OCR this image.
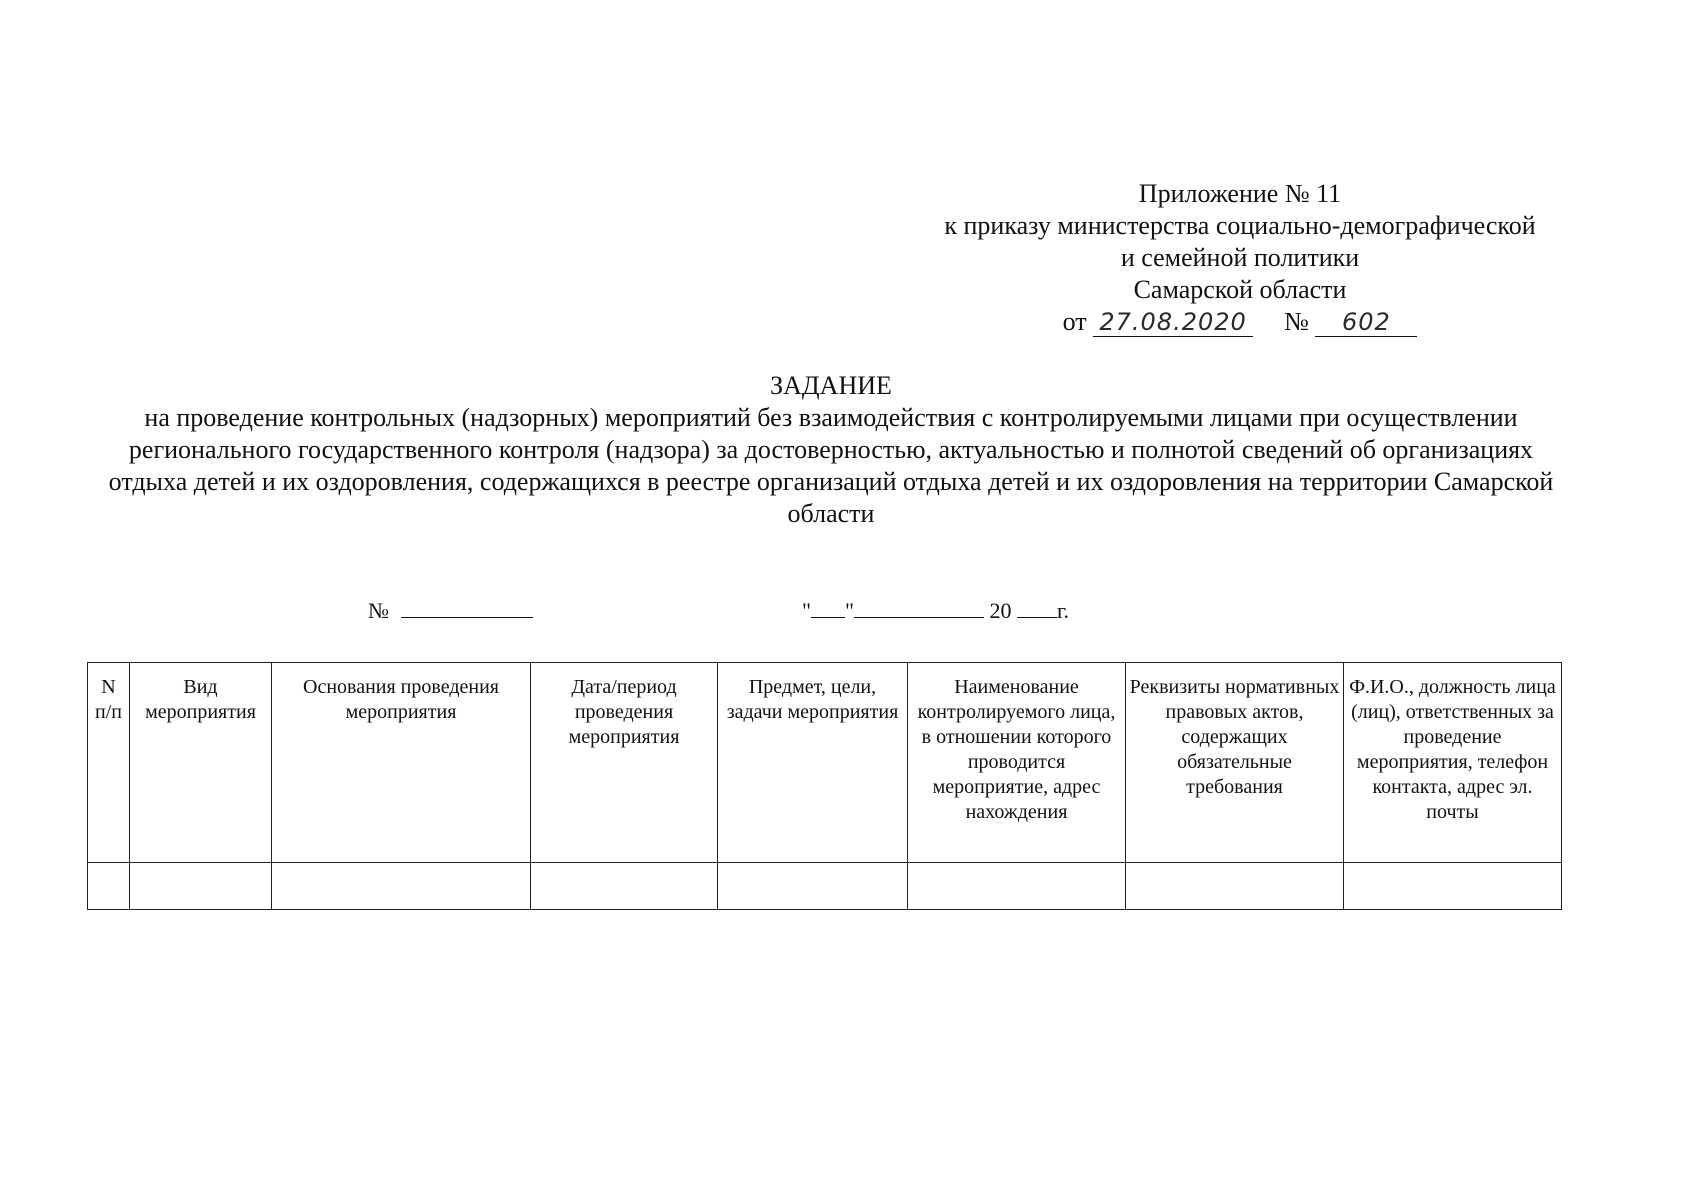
Приложение № 11
к приказу министерства социально-демографической
и семейной политики
Самарской области
от 27.08.2020 № 602
ЗАДАНИЕ
на проведение контрольных (надзорных) мероприятий без взаимодействия с контролируемыми лицами при осуществлении регионального государственного контроля (надзора) за достоверностью, актуальностью и полнотой сведений об организациях отдыха детей и их оздоровления, содержащихся в реестре организаций отдыха детей и их оздоровления на территории Самарской области
№	" "	20 г.
N п/п	Вид мероприятия	Основания проведения мероприятия	Дата/период проведения мероприятия	Предмет, цели, задачи мероприятия	Наименование контролируемого лица, в отношении которого проводится мероприятие, адрес нахождения	Реквизиты нормативных правовых актов, содержащих обязательные требования	Ф.И.О., должность лица (лиц), ответственных за проведение мероприятия, телефон контакта, адрес эл. почты
